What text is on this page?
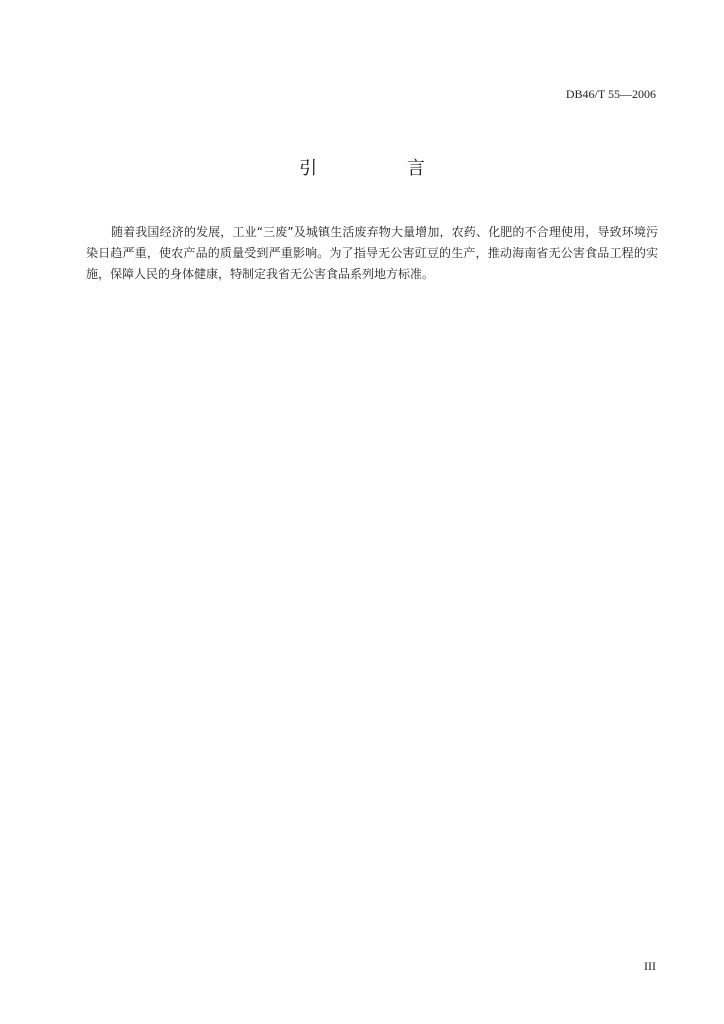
DB46/T 55—2006
引 言

随着我国经济的发展，工业“三废”及城镇生活废弃物大量增加，农药、化肥的不合理使用，导致环境污染日趋严重，使农产品的质量受到严重影响。为了指导无公害豇豆的生产，推动海南省无公害食品工程的实施，保障人民的身体健康，特制定我省无公害食品系列地方标准。

III
